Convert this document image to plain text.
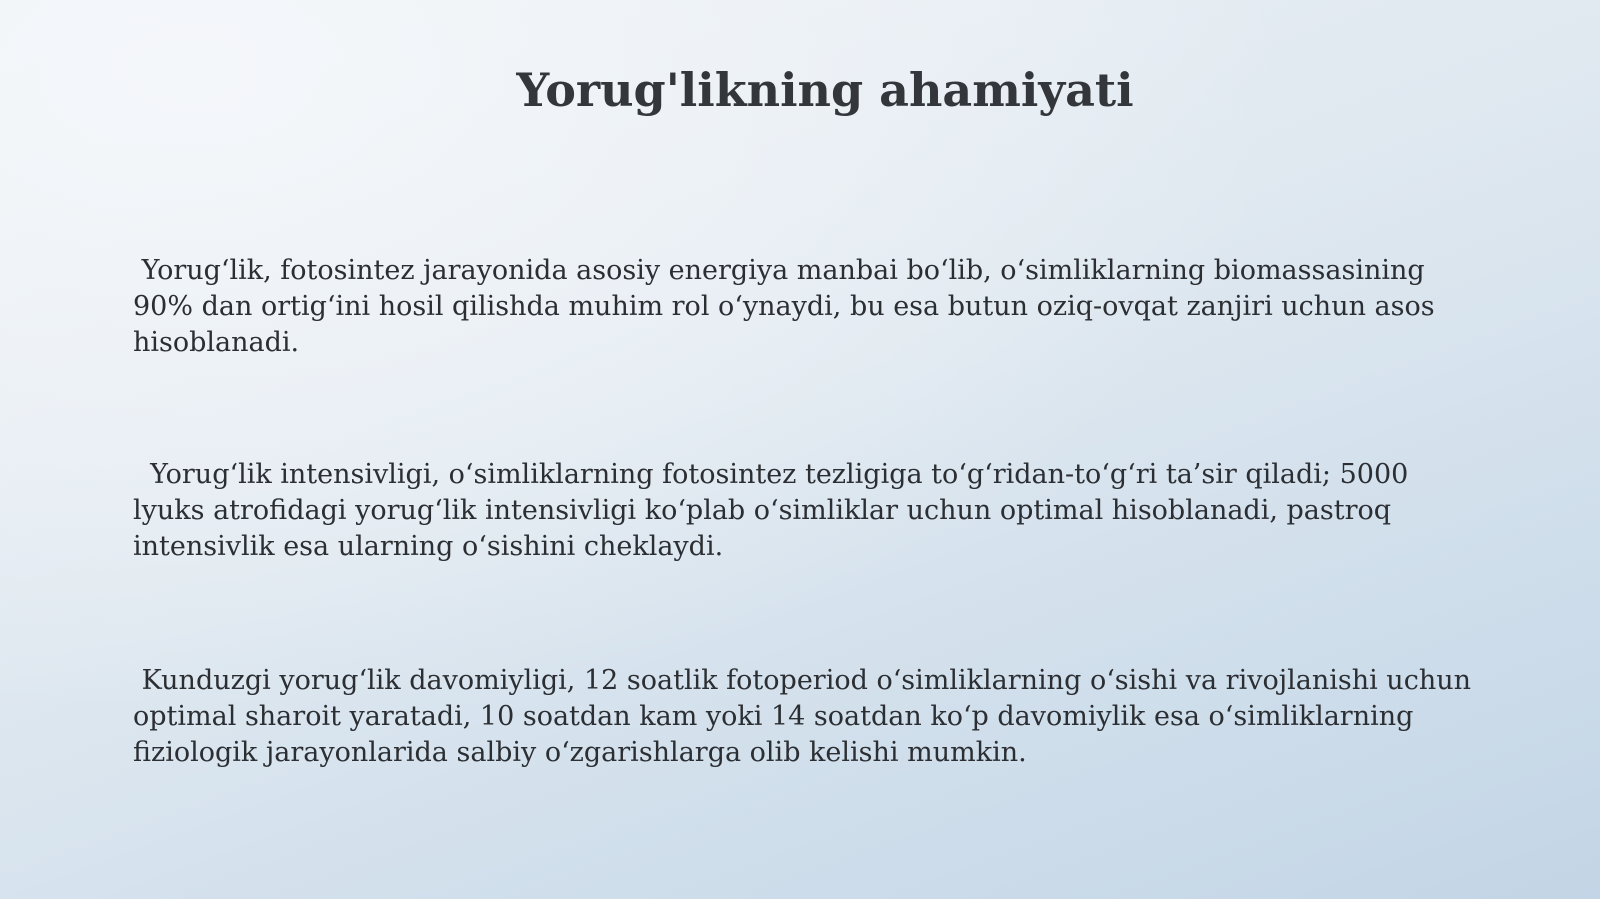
Yorug'likning ahamiyati

Yorug‘lik, fotosintez jarayonida asosiy energiya manbai bo‘lib, o‘simliklarning biomassasining 90% dan ortig‘ini hosil qilishda muhim rol o‘ynaydi, bu esa butun oziq-ovqat zanjiri uchun asos hisoblanadi.

Yorug‘lik intensivligi, o‘simliklarning fotosintez tezligiga to‘g‘ridan-to‘g‘ri ta’sir qiladi; 5000 lyuks atrofidagi yorug‘lik intensivligi ko‘plab o‘simliklar uchun optimal hisoblanadi, pastroq intensivlik esa ularning o‘sishini cheklaydi.

Kunduzgi yorug‘lik davomiyligi, 12 soatlik fotoperiod o‘simliklarning o‘sishi va rivojlanishi uchun optimal sharoit yaratadi, 10 soatdan kam yoki 14 soatdan ko‘p davomiylik esa o‘simliklarning fiziologik jarayonlarida salbiy o‘zgarishlarga olib kelishi mumkin.
